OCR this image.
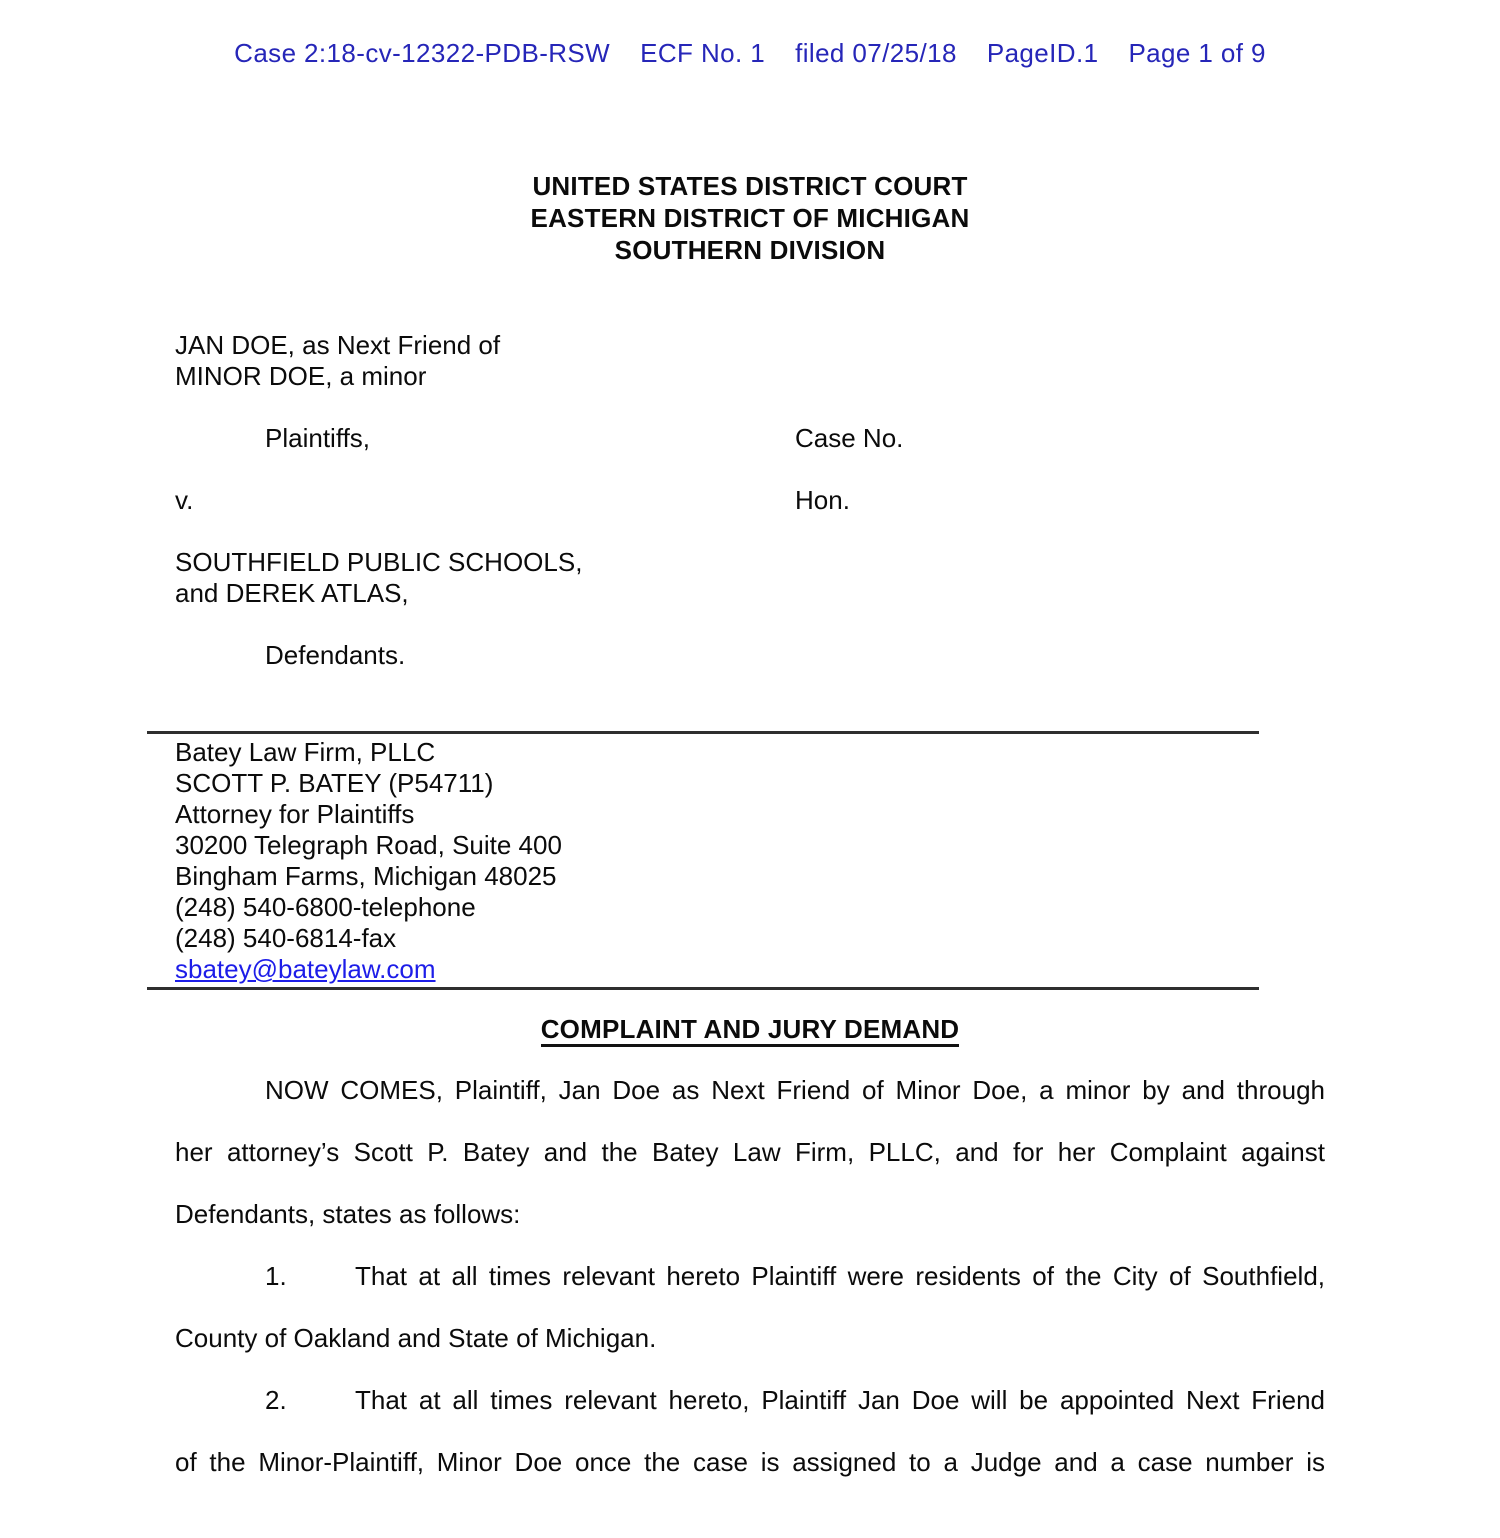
Case 2:18-cv-12322-PDB-RSW ECF No. 1 filed 07/25/18 PageID.1 Page 1 of 9
UNITED STATES DISTRICT COURT
EASTERN DISTRICT OF MICHIGAN
SOUTHERN DIVISION
JAN DOE, as Next Friend of
MINOR DOE, a minor
Plaintiffs,	Case No.
v.	Hon.
SOUTHFIELD PUBLIC SCHOOLS,
and DEREK ATLAS,
Defendants.
Batey Law Firm, PLLC
SCOTT P. BATEY (P54711)
Attorney for Plaintiffs
30200 Telegraph Road, Suite 400
Bingham Farms, Michigan 48025
(248) 540-6800-telephone
(248) 540-6814-fax
sbatey@bateylaw.com
COMPLAINT AND JURY DEMAND
NOW COMES, Plaintiff, Jan Doe as Next Friend of Minor Doe, a minor by and through
her attorney’s Scott P. Batey and the Batey Law Firm, PLLC, and for her Complaint against
Defendants, states as follows:
1.	That at all times relevant hereto Plaintiff were residents of the City of Southfield,
County of Oakland and State of Michigan.
2.	That at all times relevant hereto, Plaintiff Jan Doe will be appointed Next Friend
of the Minor-Plaintiff, Minor Doe once the case is assigned to a Judge and a case number is
